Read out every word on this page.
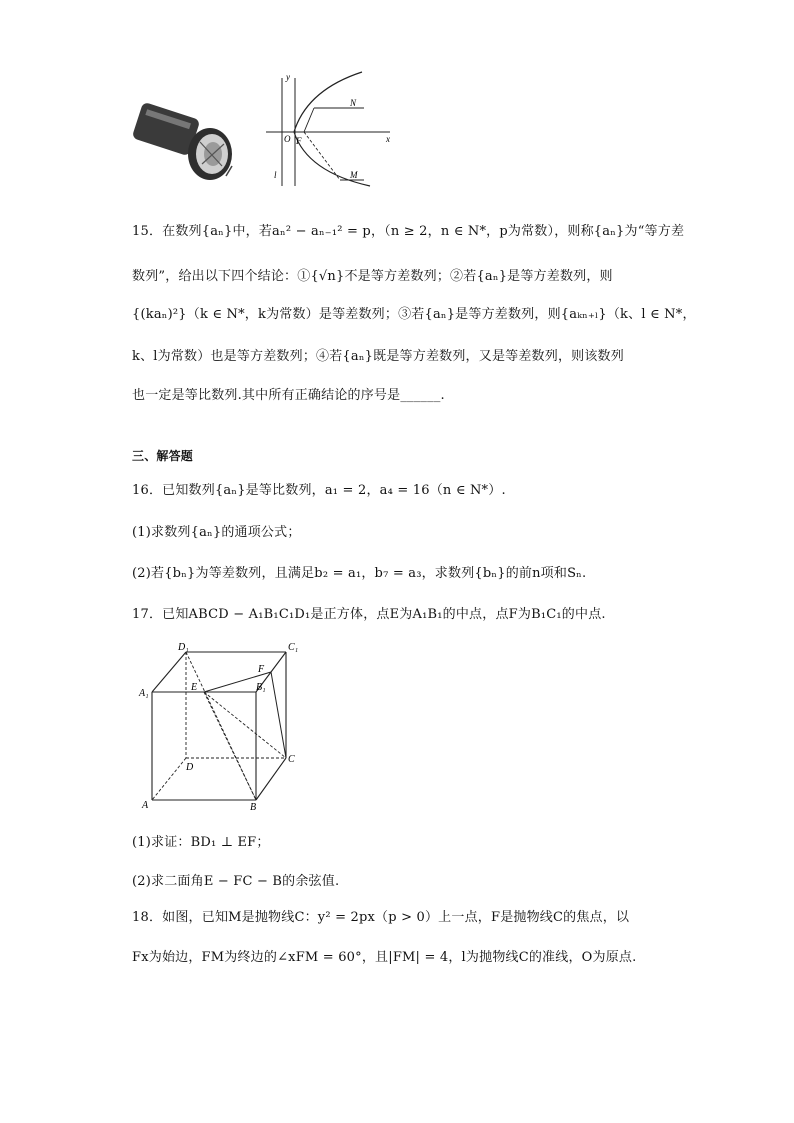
y
x
O F
N
M
l
15．在数列{aₙ}中，若aₙ² − aₙ₋₁² = p，（n ≥ 2，n ∈ N*，p为常数），则称{aₙ}为“等方差
数列”，给出以下四个结论：①{√n}不是等方差数列；②若{aₙ}是等方差数列，则
{(kaₙ)²}（k ∈ N*，k为常数）是等差数列；③若{aₙ}是等方差数列，则{aₖₙ₊ₗ}（k、l ∈ N*，
k、l为常数）也是等方差数列；④若{aₙ}既是等方差数列，又是等差数列，则该数列
也一定是等比数列.其中所有正确结论的序号是______.
三、解答题
16．已知数列{aₙ}是等比数列，a₁ = 2，a₄ = 16（n ∈ N*）.
(1)求数列{aₙ}的通项公式；
(2)若{bₙ}为等差数列，且满足b₂ = a₁，b₇ = a₃，求数列{bₙ}的前n项和Sₙ.
17．已知ABCD − A₁B₁C₁D₁是正方体，点E为A₁B₁的中点，点F为B₁C₁的中点.
D₁	C₁
A₁
B₁
E
F
D
C
A	B
(1)求证：BD₁ ⊥ EF；
(2)求二面角E − FC − B的余弦值.
18．如图，已知M是抛物线C：y² = 2px（p > 0）上一点，F是抛物线C的焦点，以
Fx为始边，FM为终边的∠xFM = 60°，且|FM| = 4，l为抛物线C的准线，O为原点.
